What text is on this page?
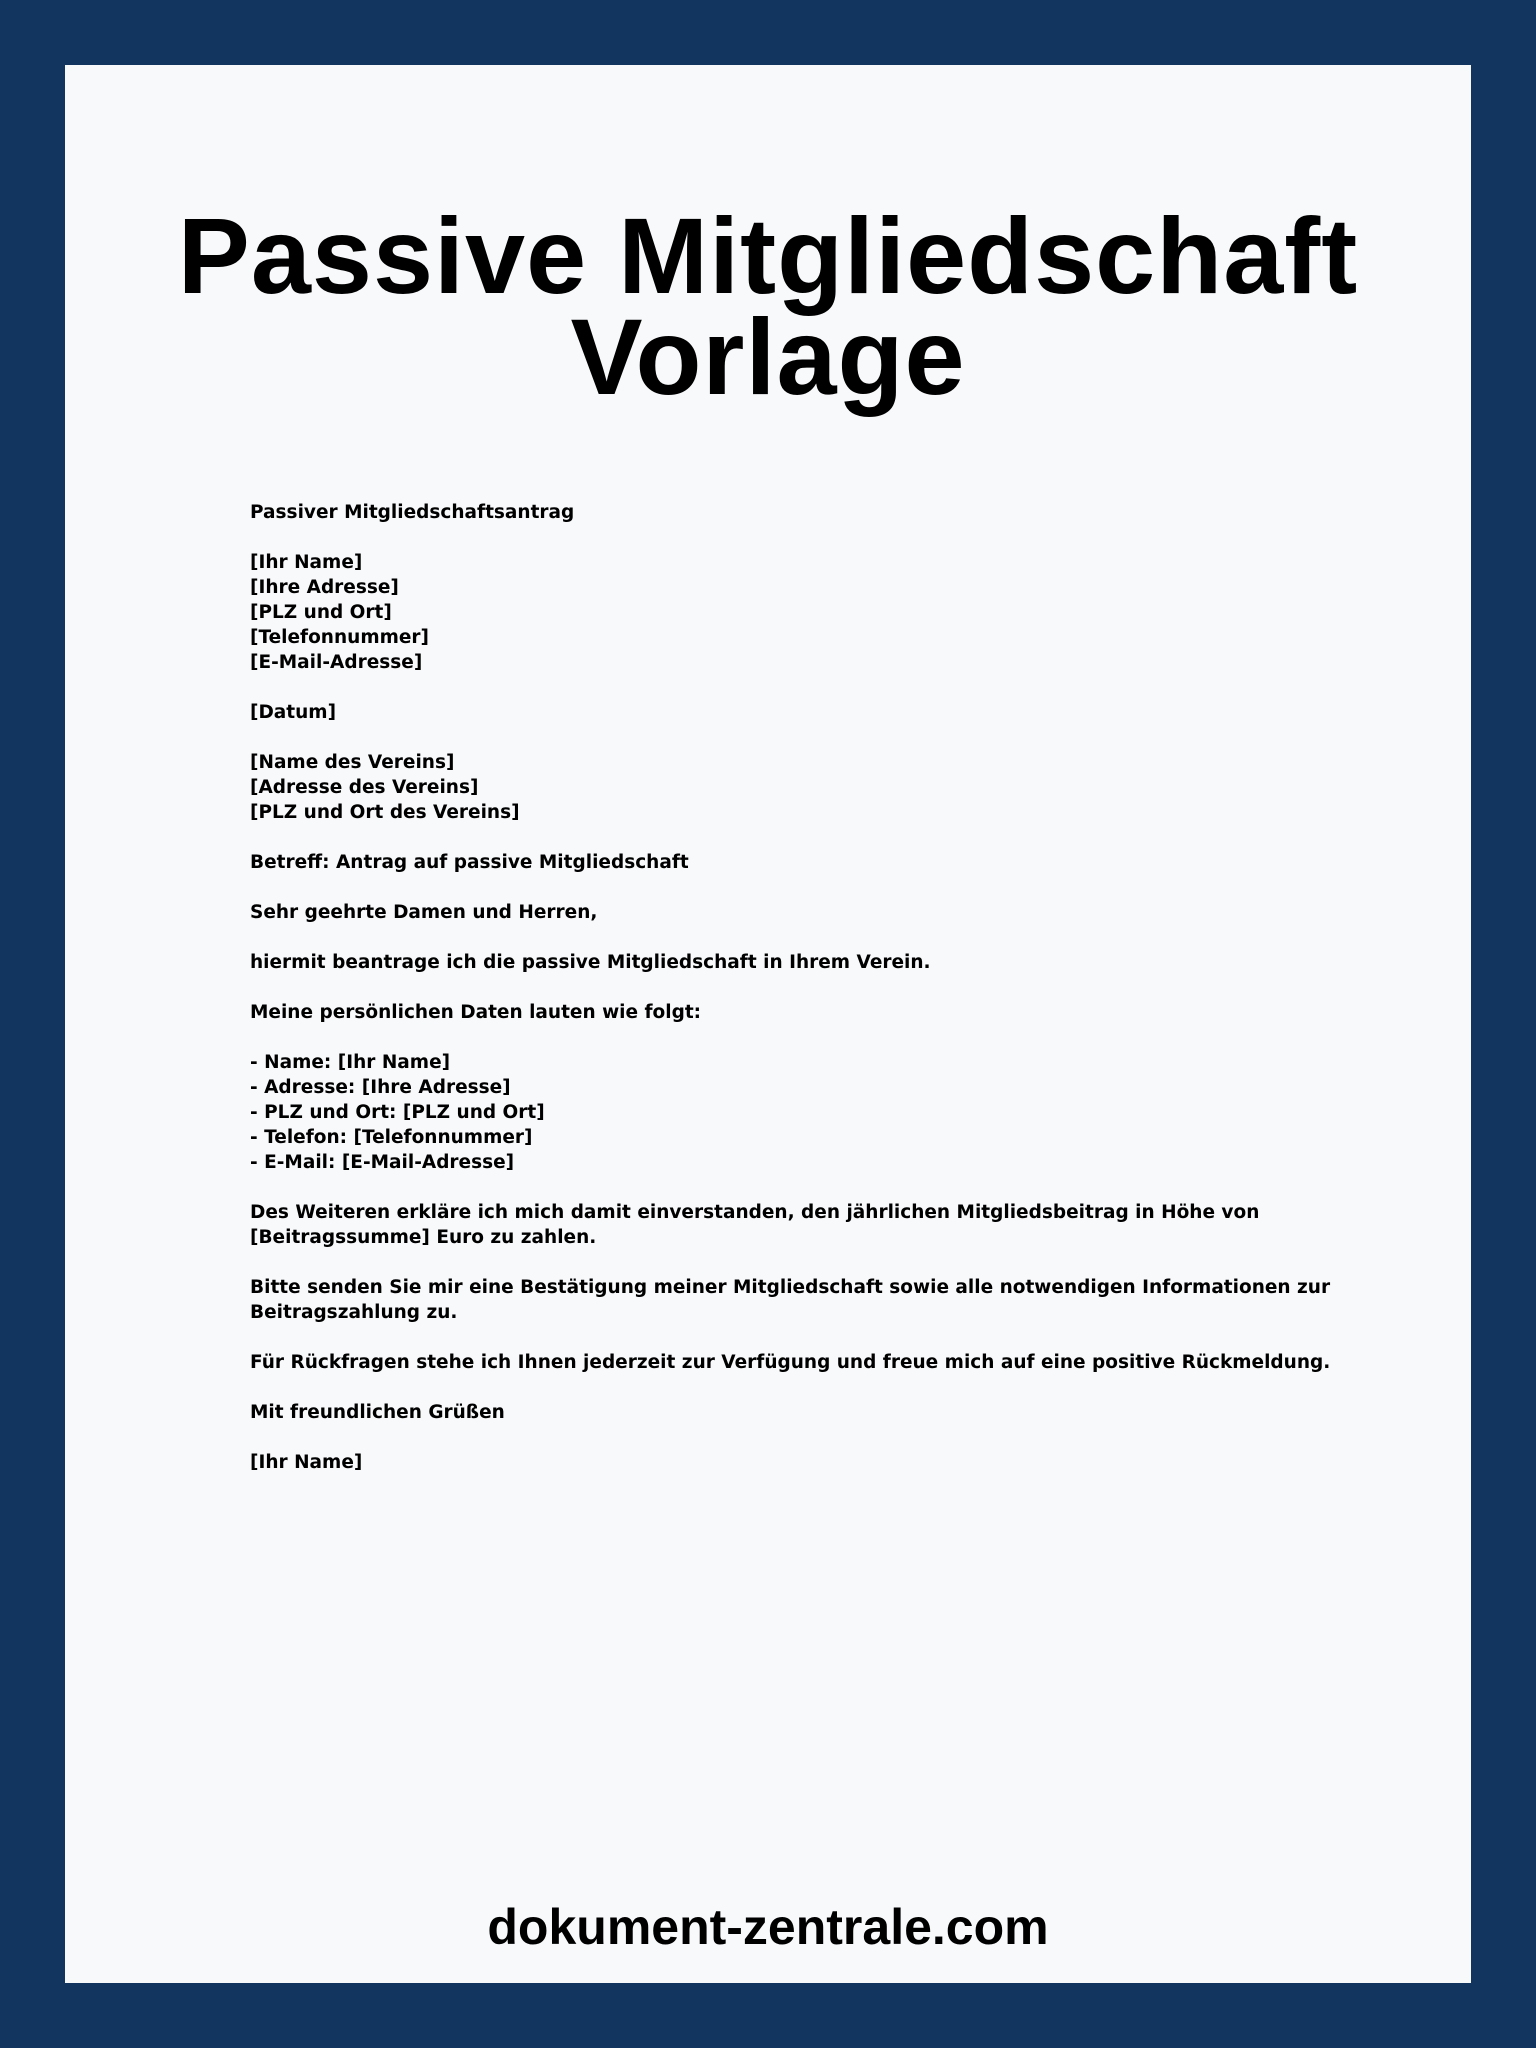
Passive Mitgliedschaft
Vorlage
Passiver Mitgliedschaftsantrag
[Ihr Name]
[Ihre Adresse]
[PLZ und Ort]
[Telefonnummer]
[E-Mail-Adresse]
[Datum]
[Name des Vereins]
[Adresse des Vereins]
[PLZ und Ort des Vereins]
Betreff: Antrag auf passive Mitgliedschaft
Sehr geehrte Damen und Herren,
hiermit beantrage ich die passive Mitgliedschaft in Ihrem Verein.
Meine persönlichen Daten lauten wie folgt:
- Name: [Ihr Name]
- Adresse: [Ihre Adresse]
- PLZ und Ort: [PLZ und Ort]
- Telefon: [Telefonnummer]
- E-Mail: [E-Mail-Adresse]
Des Weiteren erkläre ich mich damit einverstanden, den jährlichen Mitgliedsbeitrag in Höhe von
[Beitragssumme] Euro zu zahlen.
Bitte senden Sie mir eine Bestätigung meiner Mitgliedschaft sowie alle notwendigen Informationen zur
Beitragszahlung zu.
Für Rückfragen stehe ich Ihnen jederzeit zur Verfügung und freue mich auf eine positive Rückmeldung.
Mit freundlichen Grüßen
[Ihr Name]
dokument-zentrale.com
